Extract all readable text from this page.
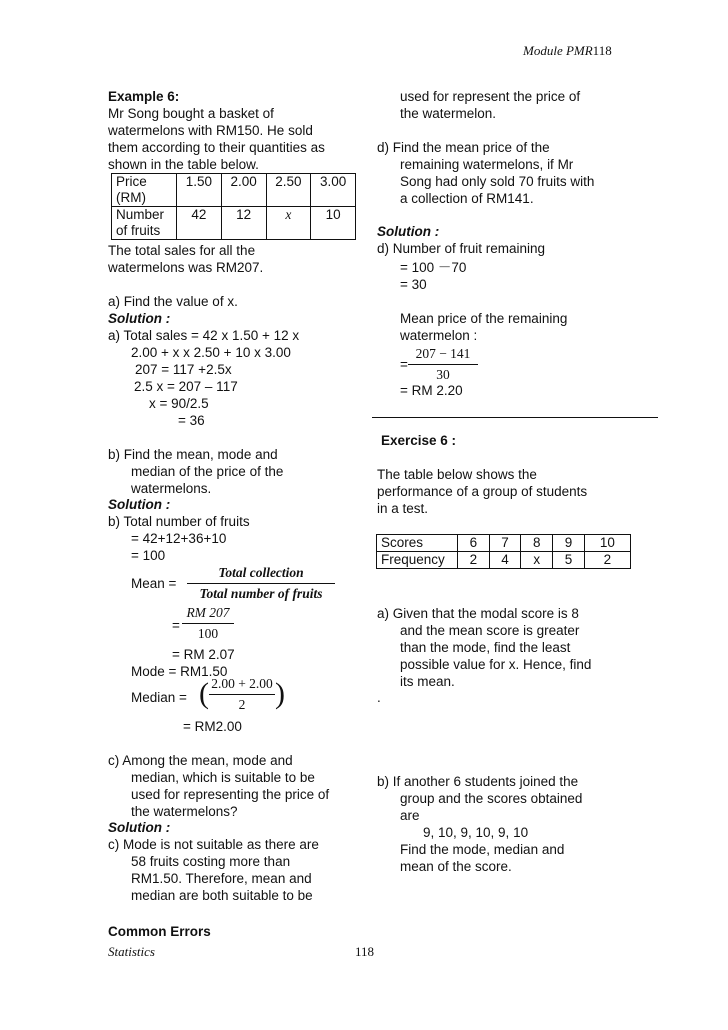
Module PMR118
Example 6:
Mr Song bought a basket of
watermelons with RM150. He sold
them according to their quantities as
shown in the table below.
Price
(RM)	1.50	2.00	2.50	3.00
Number
of fruits	42	12	x	10
The total sales for all the
watermelons was RM207.
a) Find the value of x.
Solution :
a) Total sales = 42 x 1.50 + 12 x
2.00 + x x 2.50 + 10 x 3.00
207 = 117 +2.5x
2.5 x = 207 – 117
x = 90/2.5
= 36
b) Find the mean, mode and
median of the price of the
watermelons.
Solution :
b) Total number of fruits
= 42+12+36+10
= 100
Mean =
Total collection
Total number of fruits
=
RM 207
100
= RM 2.07
Mode = RM1.50
Median = ( 2.00 + 2.00
2 )
= RM2.00
c) Among the mean, mode and
median, which is suitable to be
used for representing the price of
the watermelons?
Solution :
c) Mode is not suitable as there are
58 fruits costing more than
RM1.50. Therefore, mean and
median are both suitable to be
Common Errors
used for represent the price of
the watermelon.
d) Find the mean price of the
remaining watermelons, if Mr
Song had only sold 70 fruits with
a collection of RM141.
Solution :
d) Number of fruit remaining
= 100 －70
= 30
Mean price of the remaining
watermelon :
=
207 − 141
30
= RM 2.20
Exercise 6 :
The table below shows the
performance of a group of students
in a test.
Scores	6	7	8	9	10
Frequency	2	4	x	5	2
a) Given that the modal score is 8
and the mean score is greater
than the mode, find the least
possible value for x. Hence, find
its mean.
.
b) If another 6 students joined the
group and the scores obtained
are
9, 10, 9, 10, 9, 10
Find the mode, median and
mean of the score.
Statistics	118
